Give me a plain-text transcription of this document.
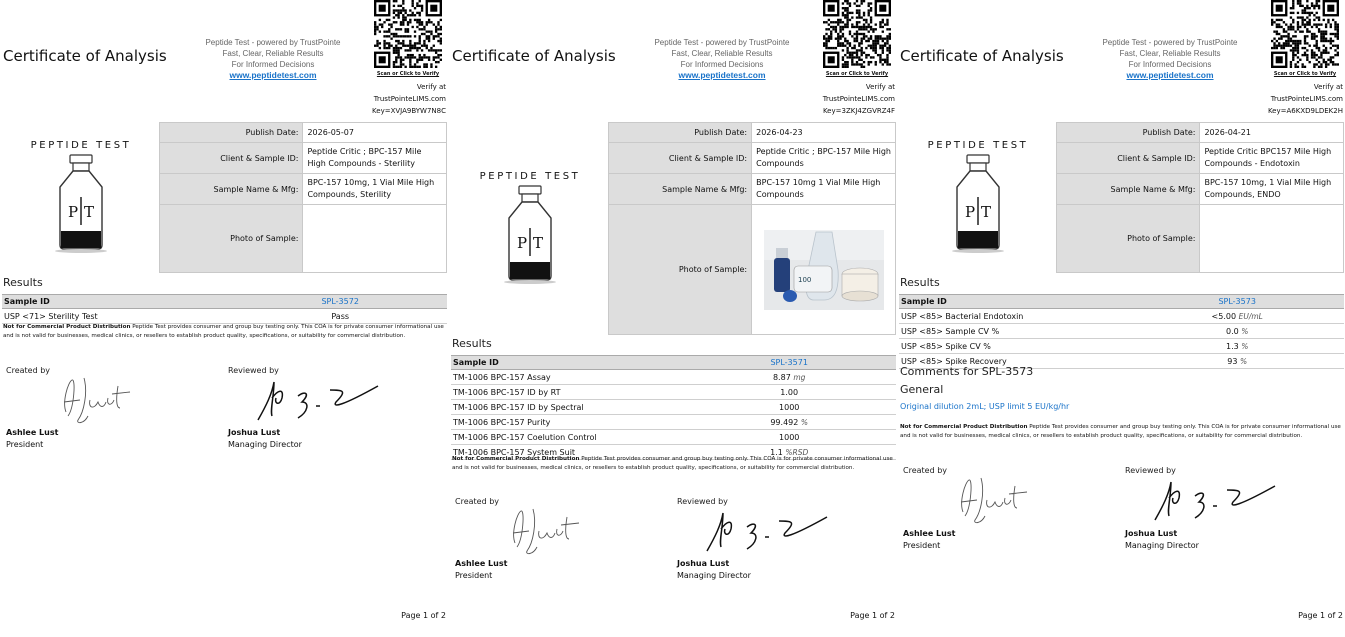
Certificate of Analysis
Peptide Test - powered by TrustPointe
Fast, Clear, Reliable Results
For Informed Decisions
www.peptidetest.com	Scan or Click to Verify
Verify at
TrustPointeLIMS.com
Key=XVJA9BYW7N8C
PEPTIDE TEST
P T
Publish Date:	2026-05-07
Client & Sample ID:	Peptide Critic ; BPC-157 Mile High Compounds - Sterility
Sample Name & Mfg:	BPC-157 10mg, 1 Vial Mile High Compounds, Sterility
Photo of Sample:	
Results
Sample ID	SPL-3572
USP <71> Sterility Test	Pass
Not for Commercial Product Distribution Peptide Test provides consumer and group buy testing only. This COA is for private consumer informational use and is not valid for businesses, medical clinics, or resellers to establish product quality, specifications, or suitability for commercial distribution.
Created by	Reviewed by
Ashlee Lust
President
Joshua Lust
Managing Director
Page 1 of 2
Certificate of Analysis
Peptide Test - powered by TrustPointe
Fast, Clear, Reliable Results
For Informed Decisions
www.peptidetest.com	Scan or Click to Verify
Verify at
TrustPointeLIMS.com
Key=3ZKJ4ZGVRZ4F
PEPTIDE TEST
P T
Publish Date:	2026-04-23
Client & Sample ID:	Peptide Critic ; BPC-157 Mile High Compounds
Sample Name & Mfg:	BPC-157 10mg 1 Vial Mile High Compounds
Photo of Sample:	100
Results
Sample ID	SPL-3571
TM-1006 BPC-157 Assay	8.87 mg
TM-1006 BPC-157 ID by RT	1.00
TM-1006 BPC-157 ID by Spectral	1000
TM-1006 BPC-157 Purity	99.492 %
TM-1006 BPC-157 Coelution Control	1000
TM-1006 BPC-157 System Suit	1.1 %RSD
Not for Commercial Product Distribution Peptide Test provides consumer and group buy testing only. This COA is for private consumer informational use and is not valid for businesses, medical clinics, or resellers to establish product quality, specifications, or suitability for commercial distribution.
Created by	Reviewed by
Ashlee Lust
President
Joshua Lust
Managing Director
Page 1 of 2
Certificate of Analysis
Peptide Test - powered by TrustPointe
Fast, Clear, Reliable Results
For Informed Decisions
www.peptidetest.com	Scan or Click to Verify
Verify at
TrustPointeLIMS.com
Key=A6KXD9LDEK2H
PEPTIDE TEST
P T
Publish Date:	2026-04-21
Client & Sample ID:	Peptide Critic BPC157 Mile High Compounds - Endotoxin
Sample Name & Mfg:	BPC-157 10mg, 1 Vial Mile High Compounds, ENDO
Photo of Sample:	
Results
Sample ID	SPL-3573
USP <85> Bacterial Endotoxin	<5.00 EU/mL
USP <85> Sample CV %	0.0 %
USP <85> Spike CV %	1.3 %
USP <85> Spike Recovery	93 %
Comments for SPL-3573
General
Original dilution 2mL; USP limit 5 EU/kg/hr
Not for Commercial Product Distribution Peptide Test provides consumer and group buy testing only. This COA is for private consumer informational use and is not valid for businesses, medical clinics, or resellers to establish product quality, specifications, or suitability for commercial distribution.
Created by	Reviewed by
Ashlee Lust
President
Joshua Lust
Managing Director
Page 1 of 2
